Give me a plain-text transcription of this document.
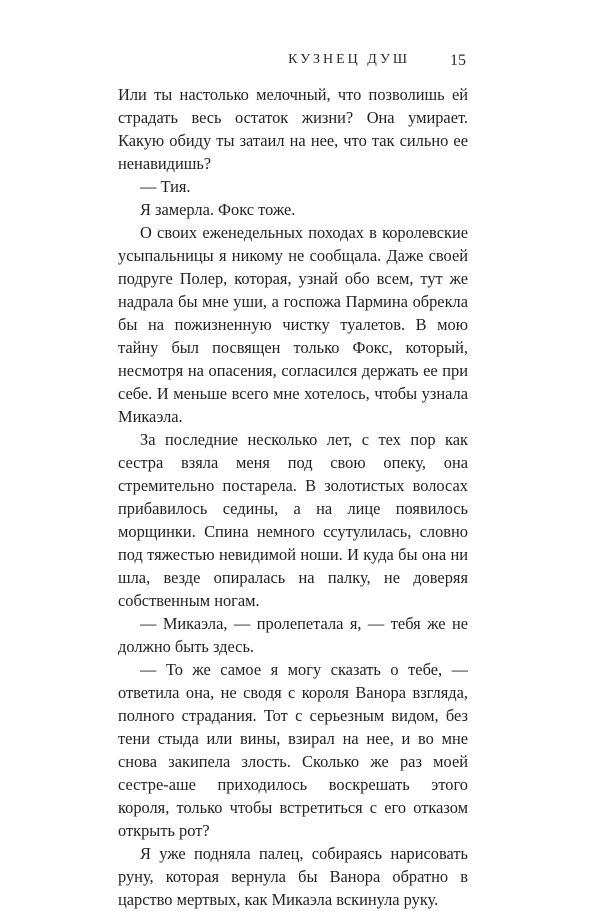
КУЗНЕЦ ДУШ	15

Или ты настолько мелочный, что позволишь ей страдать весь остаток жизни? Она умирает. Какую обиду ты затаил на нее, что так сильно ее ненавидишь?

— Тия.

Я замерла. Фокс тоже.

О своих еженедельных походах в королевские усыпальницы я никому не сообщала. Даже своей подруге Полер, которая, узнай обо всем, тут же надрала бы мне уши, а госпожа Пармина обрекла бы на пожизненную чистку туалетов. В мою тайну был посвящен только Фокс, который, несмотря на опасения, согласился держать ее при себе. И меньше всего мне хотелось, чтобы узнала Микаэла.

За последние несколько лет, с тех пор как сестра взяла меня под свою опеку, она стремительно постарела. В золотистых волосах прибавилось седины, а на лице появилось морщинки. Спина немного ссутулилась, словно под тяжестью невидимой ноши. И куда бы она ни шла, везде опиралась на палку, не доверяя собственным ногам.

— Микаэла, — пролепетала я, — тебя же не должно быть здесь.

— То же самое я могу сказать о тебе, — ответила она, не сводя с короля Ванора взгляда, полного страдания. Тот с серьезным видом, без тени стыда или вины, взирал на нее, и во мне снова закипела злость. Сколько же раз моей сестре-аше приходилось воскрешать этого короля, только чтобы встретиться с его отказом открыть рот?

Я уже подняла палец, собираясь нарисовать руну, которая вернула бы Ванора обратно в царство мертвых, как Микаэла вскинула руку.
